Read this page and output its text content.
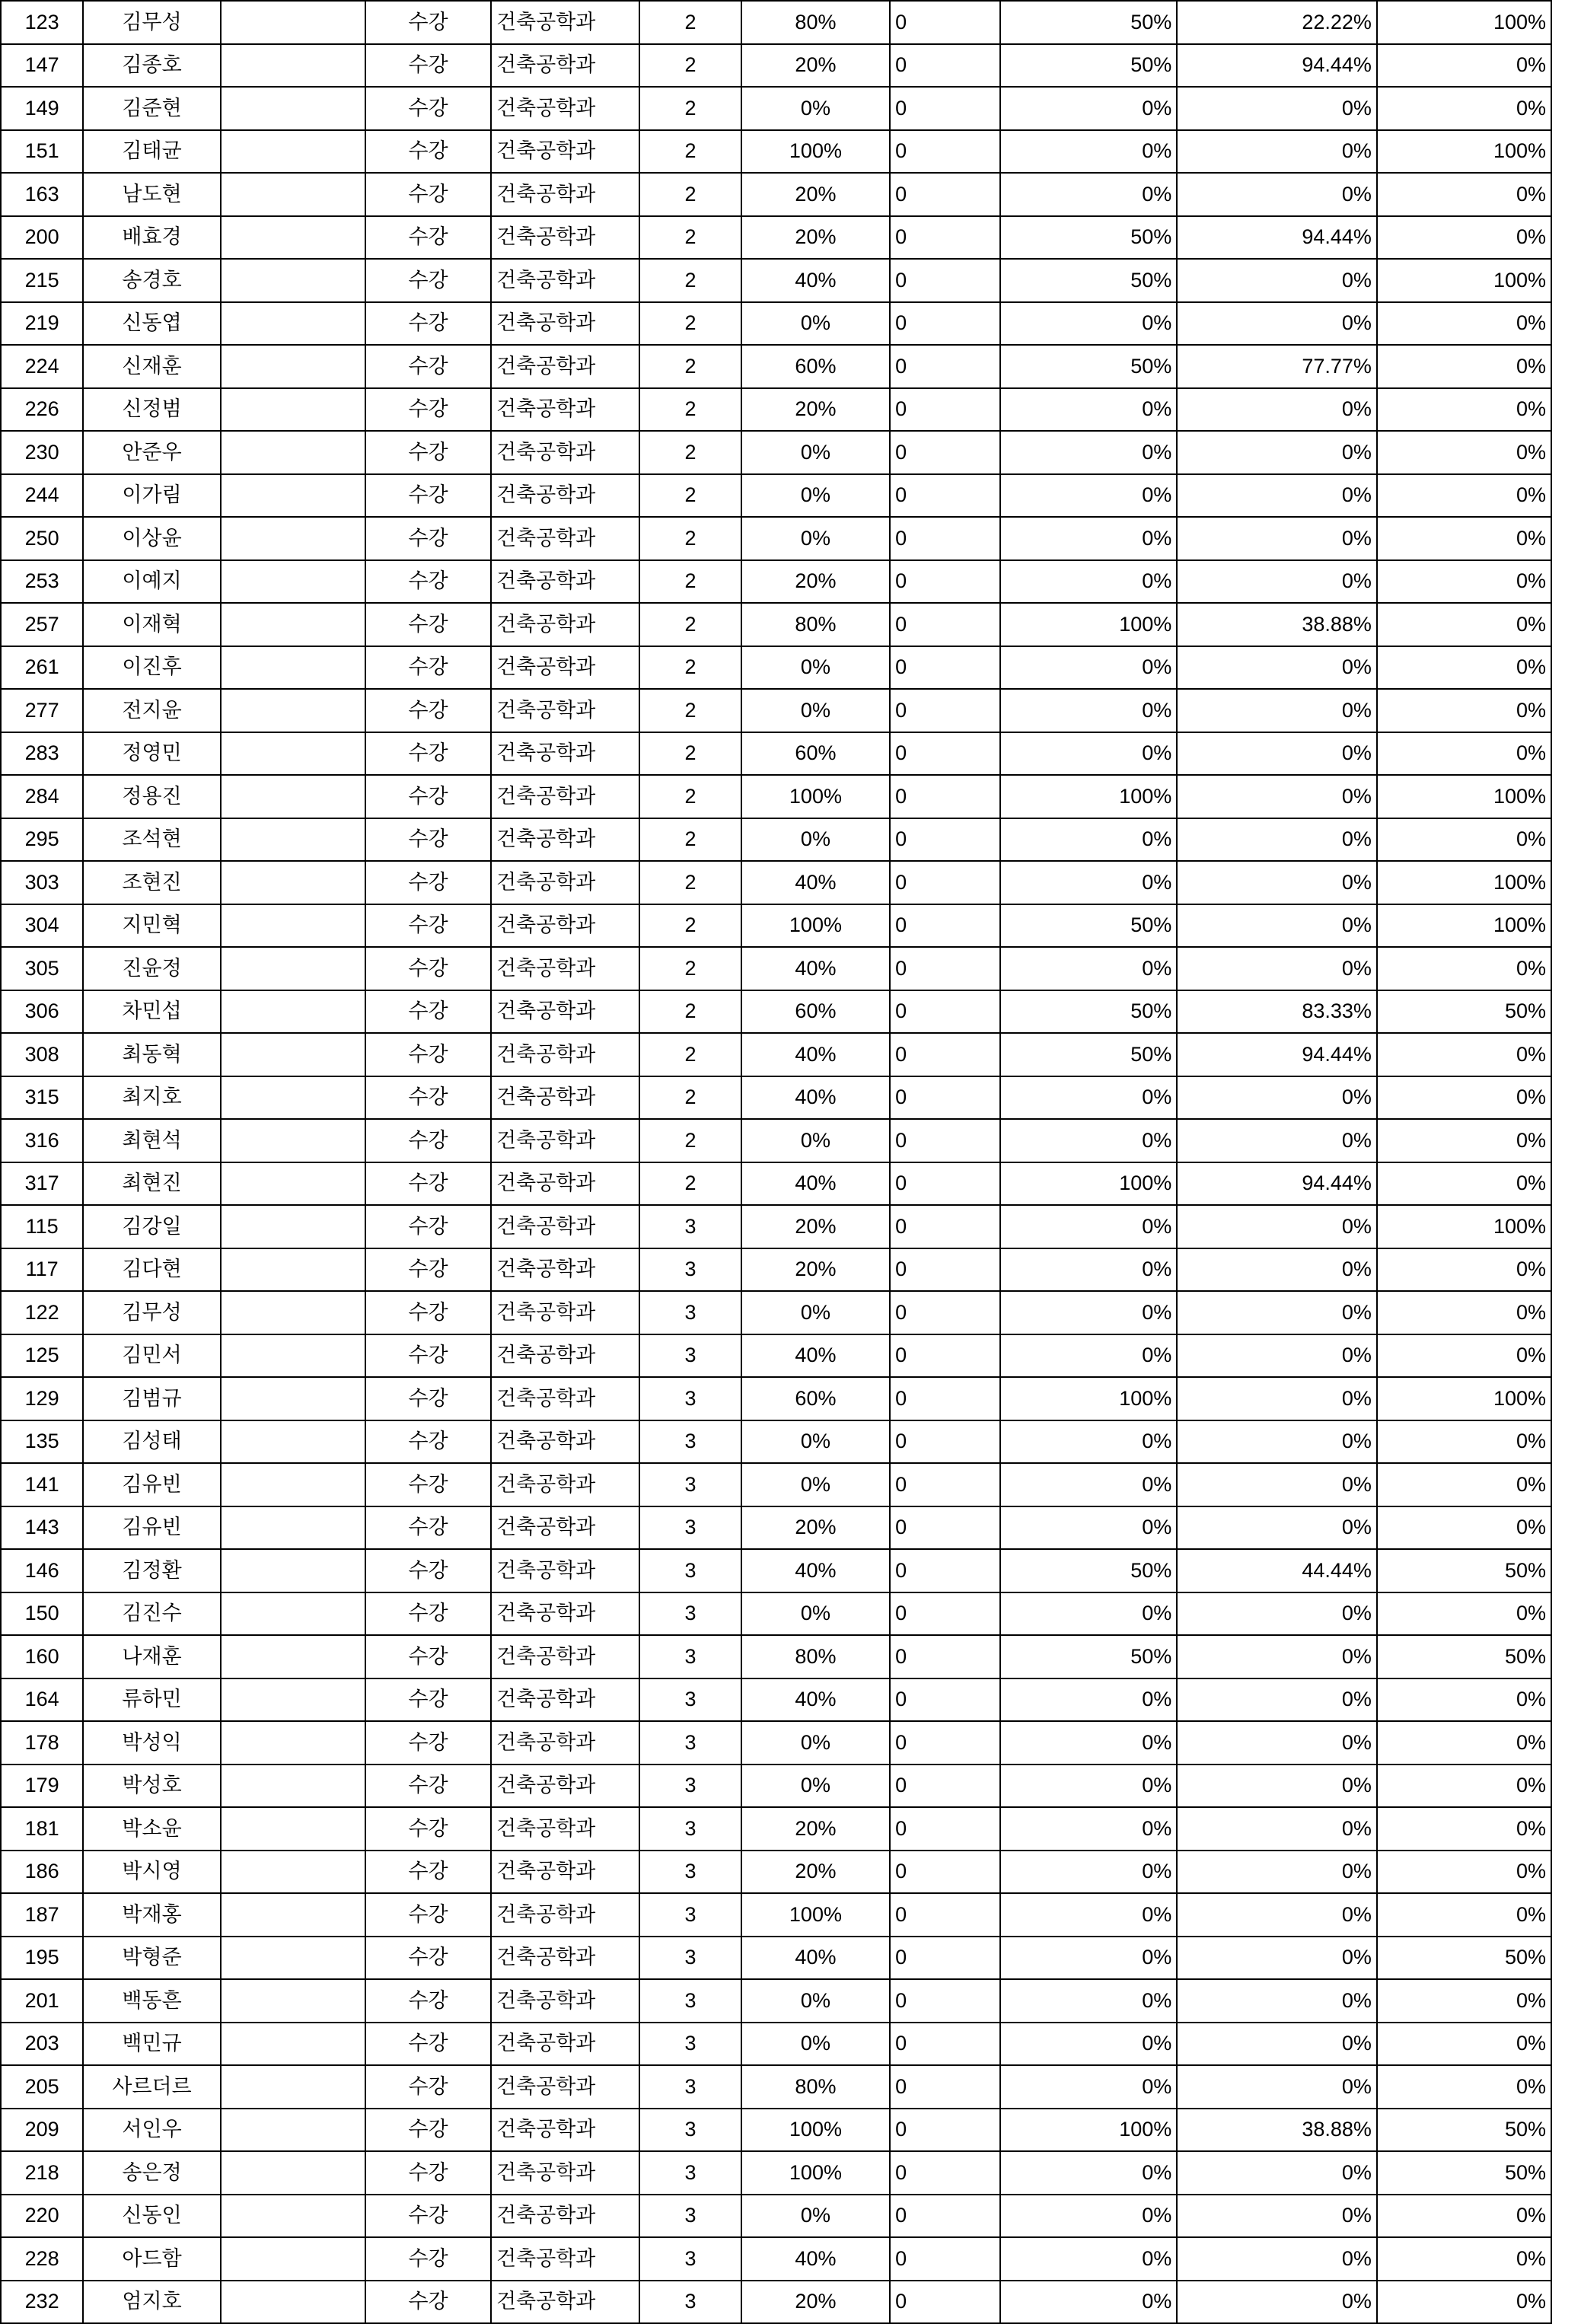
123	김무성		수강	건축공학과	2	80%	0	50%	22.22%	100%
147	김종호		수강	건축공학과	2	20%	0	50%	94.44%	0%
149	김준현		수강	건축공학과	2	0%	0	0%	0%	0%
151	김태균		수강	건축공학과	2	100%	0	0%	0%	100%
163	남도현		수강	건축공학과	2	20%	0	0%	0%	0%
200	배효경		수강	건축공학과	2	20%	0	50%	94.44%	0%
215	송경호		수강	건축공학과	2	40%	0	50%	0%	100%
219	신동엽		수강	건축공학과	2	0%	0	0%	0%	0%
224	신재훈		수강	건축공학과	2	60%	0	50%	77.77%	0%
226	신정범		수강	건축공학과	2	20%	0	0%	0%	0%
230	안준우		수강	건축공학과	2	0%	0	0%	0%	0%
244	이가림		수강	건축공학과	2	0%	0	0%	0%	0%
250	이상윤		수강	건축공학과	2	0%	0	0%	0%	0%
253	이예지		수강	건축공학과	2	20%	0	0%	0%	0%
257	이재혁		수강	건축공학과	2	80%	0	100%	38.88%	0%
261	이진후		수강	건축공학과	2	0%	0	0%	0%	0%
277	전지윤		수강	건축공학과	2	0%	0	0%	0%	0%
283	정영민		수강	건축공학과	2	60%	0	0%	0%	0%
284	정용진		수강	건축공학과	2	100%	0	100%	0%	100%
295	조석현		수강	건축공학과	2	0%	0	0%	0%	0%
303	조현진		수강	건축공학과	2	40%	0	0%	0%	100%
304	지민혁		수강	건축공학과	2	100%	0	50%	0%	100%
305	진윤정		수강	건축공학과	2	40%	0	0%	0%	0%
306	차민섭		수강	건축공학과	2	60%	0	50%	83.33%	50%
308	최동혁		수강	건축공학과	2	40%	0	50%	94.44%	0%
315	최지호		수강	건축공학과	2	40%	0	0%	0%	0%
316	최현석		수강	건축공학과	2	0%	0	0%	0%	0%
317	최현진		수강	건축공학과	2	40%	0	100%	94.44%	0%
115	김강일		수강	건축공학과	3	20%	0	0%	0%	100%
117	김다현		수강	건축공학과	3	20%	0	0%	0%	0%
122	김무성		수강	건축공학과	3	0%	0	0%	0%	0%
125	김민서		수강	건축공학과	3	40%	0	0%	0%	0%
129	김범규		수강	건축공학과	3	60%	0	100%	0%	100%
135	김성태		수강	건축공학과	3	0%	0	0%	0%	0%
141	김유빈		수강	건축공학과	3	0%	0	0%	0%	0%
143	김유빈		수강	건축공학과	3	20%	0	0%	0%	0%
146	김정환		수강	건축공학과	3	40%	0	50%	44.44%	50%
150	김진수		수강	건축공학과	3	0%	0	0%	0%	0%
160	나재훈		수강	건축공학과	3	80%	0	50%	0%	50%
164	류하민		수강	건축공학과	3	40%	0	0%	0%	0%
178	박성익		수강	건축공학과	3	0%	0	0%	0%	0%
179	박성호		수강	건축공학과	3	0%	0	0%	0%	0%
181	박소윤		수강	건축공학과	3	20%	0	0%	0%	0%
186	박시영		수강	건축공학과	3	20%	0	0%	0%	0%
187	박재홍		수강	건축공학과	3	100%	0	0%	0%	0%
195	박형준		수강	건축공학과	3	40%	0	0%	0%	50%
201	백동흔		수강	건축공학과	3	0%	0	0%	0%	0%
203	백민규		수강	건축공학과	3	0%	0	0%	0%	0%
205	사르더르		수강	건축공학과	3	80%	0	0%	0%	0%
209	서인우		수강	건축공학과	3	100%	0	100%	38.88%	50%
218	송은정		수강	건축공학과	3	100%	0	0%	0%	50%
220	신동인		수강	건축공학과	3	0%	0	0%	0%	0%
228	아드함		수강	건축공학과	3	40%	0	0%	0%	0%
232	엄지호		수강	건축공학과	3	20%	0	0%	0%	0%
